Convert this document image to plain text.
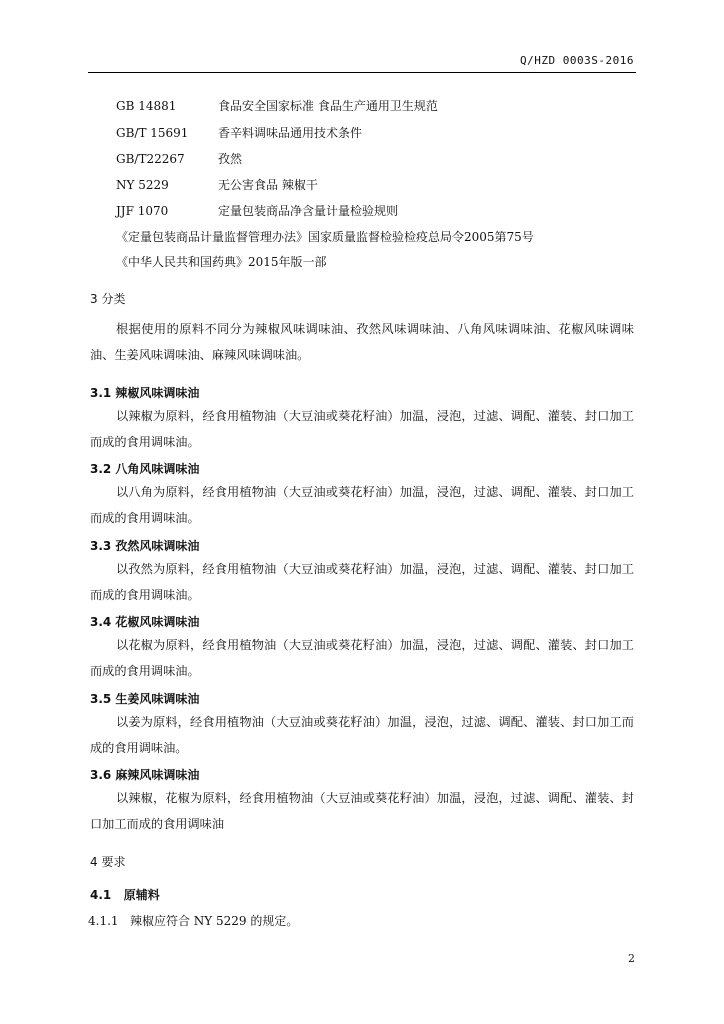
Q/HZD 0003S-2016
GB 14881	食品安全国家标准 食品生产通用卫生规范
GB/T 15691 香辛料调味品通用技术条件
GB/T22267	孜然
NY 5229	无公害食品 辣椒干
JJF 1070	定量包装商品净含量计量检验规则
《定量包装商品计量监督管理办法》国家质量监督检验检疫总局令2005第75号
《中华人民共和国药典》2015年版一部
3 分类
根据使用的原料不同分为辣椒风味调味油、孜然风味调味油、八角风味调味油、花椒风味调味油、生姜风味调味油、麻辣风味调味油。
3.1 辣椒风味调味油
以辣椒为原料，经食用植物油（大豆油或葵花籽油）加温，浸泡，过滤、调配、灌装、封口加工而成的食用调味油。
3.2 八角风味调味油
以八角为原料，经食用植物油（大豆油或葵花籽油）加温，浸泡，过滤、调配、灌装、封口加工而成的食用调味油。
3.3 孜然风味调味油
以孜然为原料，经食用植物油（大豆油或葵花籽油）加温，浸泡，过滤、调配、灌装、封口加工而成的食用调味油。
3.4 花椒风味调味油
以花椒为原料，经食用植物油（大豆油或葵花籽油）加温，浸泡，过滤、调配、灌装、封口加工而成的食用调味油。
3.5 生姜风味调味油
以姜为原料，经食用植物油（大豆油或葵花籽油）加温，浸泡，过滤、调配、灌装、封口加工而成的食用调味油。
3.6 麻辣风味调味油
以辣椒，花椒为原料，经食用植物油（大豆油或葵花籽油）加温，浸泡，过滤、调配、灌装、封口加工而成的食用调味油
4 要求
4.1   原辅料
4.1.1   辣椒应符合 NY 5229 的规定。
2
